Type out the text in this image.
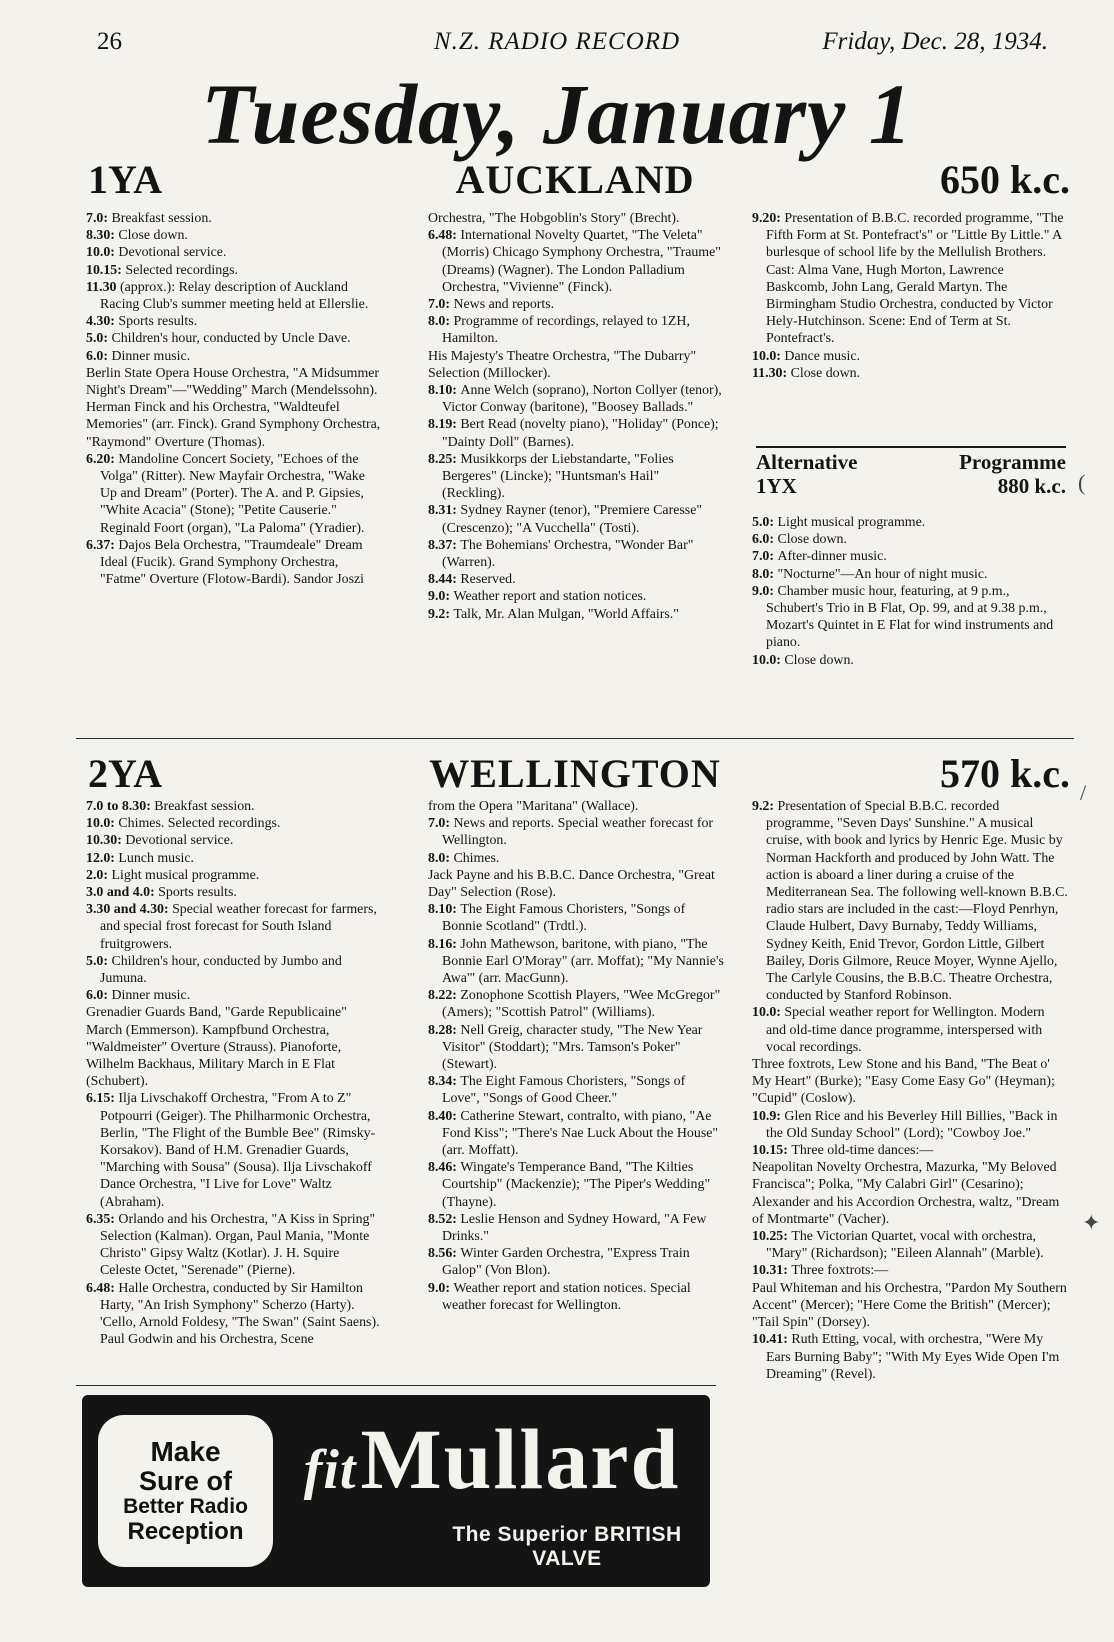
26	N.Z. RADIO RECORD	Friday, Dec. 28, 1934.
Tuesday, January 1
1YA	AUCKLAND	650 k.c.

7.0: Breakfast session.

8.30: Close down.

10.0: Devotional service.

10.15: Selected recordings.

11.30 (approx.): Relay description of Auckland Racing Club's summer meeting held at Ellerslie.

4.30: Sports results.

5.0: Children's hour, conducted by Uncle Dave.

6.0: Dinner music.

Berlin State Opera House Orchestra, "A Midsummer Night's Dream"—"Wedding" March (Mendelssohn). Herman Finck and his Orchestra, "Waldteufel Memories" (arr. Finck). Grand Symphony Orchestra, "Raymond" Overture (Thomas).

6.20: Mandoline Concert Society, "Echoes of the Volga" (Ritter). New Mayfair Orchestra, "Wake Up and Dream" (Porter). The A. and P. Gipsies, "White Acacia" (Stone); "Petite Causerie." Reginald Foort (organ), "La Paloma" (Yradier).

6.37: Dajos Bela Orchestra, "Traumdeale" Dream Ideal (Fucik). Grand Symphony Orchestra, "Fatme" Overture (Flotow-Bardi). Sandor Joszi

Orchestra, "The Hobgoblin's Story" (Brecht).

6.48: International Novelty Quartet, "The Veleta" (Morris) Chicago Symphony Orchestra, "Traume" (Dreams) (Wagner). The London Palladium Orchestra, "Vivienne" (Finck).

7.0: News and reports.

8.0: Programme of recordings, relayed to 1ZH, Hamilton.

His Majesty's Theatre Orchestra, "The Dubarry" Selection (Millocker).

8.10: Anne Welch (soprano), Norton Collyer (tenor), Victor Conway (baritone), "Boosey Ballads."

8.19: Bert Read (novelty piano), "Holiday" (Ponce); "Dainty Doll" (Barnes).

8.25: Musikkorps der Liebstandarte, "Folies Bergeres" (Lincke); "Huntsman's Hail" (Reckling).

8.31: Sydney Rayner (tenor), "Premiere Caresse" (Crescenzo); "A Vucchella" (Tosti).

8.37: The Bohemians' Orchestra, "Wonder Bar" (Warren).

8.44: Reserved.

9.0: Weather report and station notices.

9.2: Talk, Mr. Alan Mulgan, "World Affairs."

9.20: Presentation of B.B.C. recorded programme, "The Fifth Form at St. Pontefract's" or "Little By Little." A burlesque of school life by the Mellulish Brothers. Cast: Alma Vane, Hugh Morton, Lawrence Baskcomb, John Lang, Gerald Martyn. The Birmingham Studio Orchestra, conducted by Victor Hely-Hutchinson. Scene: End of Term at St. Pontefract's.

10.0: Dance music.

11.30: Close down.

Alternative	Programme
1YX	880 k.c.

5.0: Light musical programme.

6.0: Close down.

7.0: After-dinner music.

8.0: "Nocturne"—An hour of night music.

9.0: Chamber music hour, featuring, at 9 p.m., Schubert's Trio in B Flat, Op. 99, and at 9.38 p.m., Mozart's Quintet in E Flat for wind instruments and piano.

10.0: Close down.

2YA	WELLINGTON	570 k.c.

7.0 to 8.30: Breakfast session.

10.0: Chimes. Selected recordings.

10.30: Devotional service.

12.0: Lunch music.

2.0: Light musical programme.

3.0 and 4.0: Sports results.

3.30 and 4.30: Special weather forecast for farmers, and special frost forecast for South Island fruitgrowers.

5.0: Children's hour, conducted by Jumbo and Jumuna.

6.0: Dinner music.

Grenadier Guards Band, "Garde Republicaine" March (Emmerson). Kampfbund Orchestra, "Waldmeister" Overture (Strauss). Pianoforte, Wilhelm Backhaus, Military March in E Flat (Schubert).

6.15: Ilja Livschakoff Orchestra, "From A to Z" Potpourri (Geiger). The Philharmonic Orchestra, Berlin, "The Flight of the Bumble Bee" (Rimsky-Korsakov). Band of H.M. Grenadier Guards, "Marching with Sousa" (Sousa). Ilja Livschakoff Dance Orchestra, "I Live for Love" Waltz (Abraham).

6.35: Orlando and his Orchestra, "A Kiss in Spring" Selection (Kalman). Organ, Paul Mania, "Monte Christo" Gipsy Waltz (Kotlar). J. H. Squire Celeste Octet, "Serenade" (Pierne).

6.48: Halle Orchestra, conducted by Sir Hamilton Harty, "An Irish Symphony" Scherzo (Harty). 'Cello, Arnold Foldesy, "The Swan" (Saint Saens). Paul Godwin and his Orchestra, Scene

from the Opera "Maritana" (Wallace).

7.0: News and reports. Special weather forecast for Wellington.

8.0: Chimes.

Jack Payne and his B.B.C. Dance Orchestra, "Great Day" Selection (Rose).

8.10: The Eight Famous Choristers, "Songs of Bonnie Scotland" (Trdtl.).

8.16: John Mathewson, baritone, with piano, "The Bonnie Earl O'Moray" (arr. Moffat); "My Nannie's Awa'" (arr. MacGunn).

8.22: Zonophone Scottish Players, "Wee McGregor" (Amers); "Scottish Patrol" (Williams).

8.28: Nell Greig, character study, "The New Year Visitor" (Stoddart); "Mrs. Tamson's Poker" (Stewart).

8.34: The Eight Famous Choristers, "Songs of Love", "Songs of Good Cheer."

8.40: Catherine Stewart, contralto, with piano, "Ae Fond Kiss"; "There's Nae Luck About the House" (arr. Moffatt).

8.46: Wingate's Temperance Band, "The Kilties Courtship" (Mackenzie); "The Piper's Wedding" (Thayne).

8.52: Leslie Henson and Sydney Howard, "A Few Drinks."

8.56: Winter Garden Orchestra, "Express Train Galop" (Von Blon).

9.0: Weather report and station notices. Special weather forecast for Wellington.

9.2: Presentation of Special B.B.C. recorded programme, "Seven Days' Sunshine." A musical cruise, with book and lyrics by Henric Ege. Music by Norman Hackforth and produced by John Watt. The action is aboard a liner during a cruise of the Mediterranean Sea. The following well-known B.B.C. radio stars are included in the cast:—Floyd Penrhyn, Claude Hulbert, Davy Burnaby, Teddy Williams, Sydney Keith, Enid Trevor, Gordon Little, Gilbert Bailey, Doris Gilmore, Reuce Moyer, Wynne Ajello, The Carlyle Cousins, the B.B.C. Theatre Orchestra, conducted by Stanford Robinson.

10.0: Special weather report for Wellington. Modern and old-time dance programme, interspersed with vocal recordings.

Three foxtrots, Lew Stone and his Band, "The Beat o' My Heart" (Burke); "Easy Come Easy Go" (Heyman); "Cupid" (Coslow).

10.9: Glen Rice and his Beverley Hill Billies, "Back in the Old Sunday School" (Lord); "Cowboy Joe."

10.15: Three old-time dances:—

Neapolitan Novelty Orchestra, Mazurka, "My Beloved Francisca"; Polka, "My Calabri Girl" (Cesarino); Alexander and his Accordion Orchestra, waltz, "Dream of Montmarte" (Vacher).

10.25: The Victorian Quartet, vocal with orchestra, "Mary" (Richardson); "Eileen Alannah" (Marble).

10.31: Three foxtrots:—

Paul Whiteman and his Orchestra, "Pardon My Southern Accent" (Mercer); "Here Come the British" (Mercer); "Tail Spin" (Dorsey).

10.41: Ruth Etting, vocal, with orchestra, "Were My Ears Burning Baby"; "With My Eyes Wide Open I'm Dreaming" (Revel).

Make
Sure of
Better Radio
Reception
fit Mullard
The Superior BRITISH VALVE
(
/
✦
